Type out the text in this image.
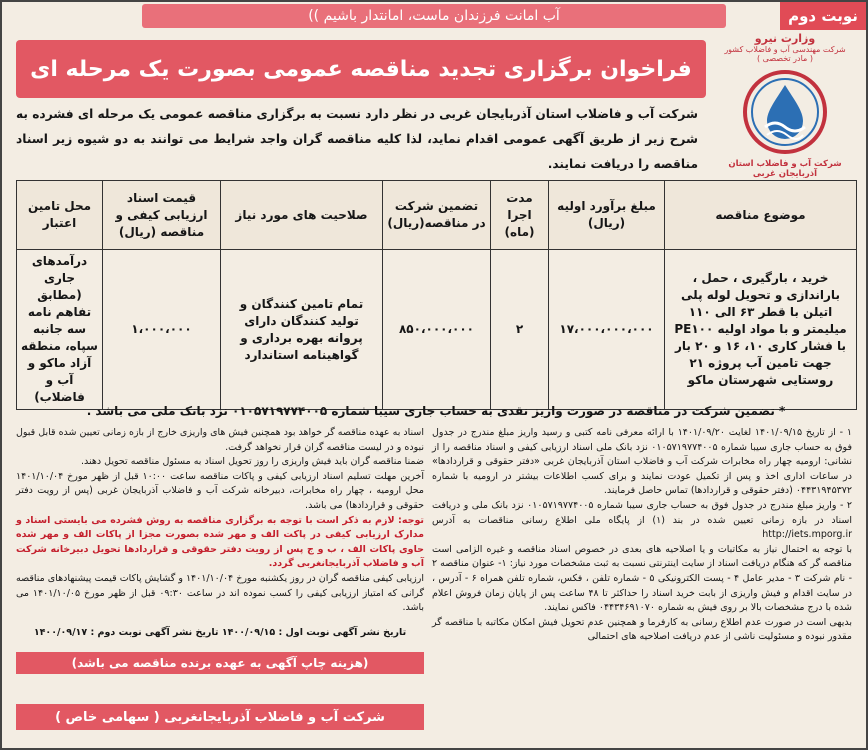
نوبت دوم
آب امانت فرزندان ماست، امانتدار باشیم ))
فراخوان برگزاری تجدید مناقصه عمومی بصورت یک مرحله ای
وزارت نیرو
شرکت مهندسی آب و فاضلاب کشور
( مادر تخصصی )
شرکت آب و فاضلاب استان آذربایجان غربی
شرکت آب و فاضلاب استان آذربایجان غربی در نظر دارد نسبت به برگزاری مناقصه عمومی یک مرحله ای فشرده به شرح زیر از طریق آگهی عمومی اقدام نماید، لذا کلیه مناقصه گران واجد شرایط می توانند به دو شیوه زیر اسناد مناقصه را دریافت نمایند.
موضوع مناقصه	مبلغ برآورد اولیه (ریال)	مدت اجرا (ماه)	تضمین شرکت در مناقصه(ریال)	صلاحیت های مورد نیاز	قیمت اسناد ارزیابی کیفی و مناقصه (ریال)	محل تامین اعتبار
خرید ، بارگیری ، حمل ، باراندازی و تحویل لوله پلی اتیلن با قطر ۶۳ الی ۱۱۰ میلیمتر و با مواد اولیه PE۱۰۰ با فشار کاری ۱۰، ۱۶ و ۲۰ بار جهت تامین آب پروژه ۲۱ روستایی شهرستان ماکو	۱۷،۰۰۰،۰۰۰،۰۰۰	۲	۸۵۰،۰۰۰،۰۰۰	تمام تامین کنندگان و تولید کنندگان دارای پروانه بهره برداری و گواهینامه استاندارد	۱،۰۰۰،۰۰۰	درآمدهای جاری (مطابق تفاهم نامه سه جانبه سپاه، منطقه آزاد ماکو و آب و فاضلاب)
* تضمین شرکت در مناقصه در صورت واریز نقدی به حساب جاری سیبا شماره ۰۱۰۵۷۱۹۷۷۴۰۰۵ نزد بانک ملی می باشد .
۱ - از تاریخ ۱۴۰۱/۰۹/۱۵ لغایت ۱۴۰۱/۰۹/۲۰ با ارائه معرفی نامه کتبی و رسید واریز مبلغ مندرج در جدول فوق به حساب جاری سیبا شماره ۰۱۰۵۷۱۹۷۷۴۰۰۵ نزد بانک ملی اسناد ارزیابی کیفی و اسناد مناقصه را از نشانی: ارومیه چهار راه مخابرات شرکت آب و فاضلاب استان آذربایجان غربی «دفتر حقوقی و قراردادها» در ساعات اداری اخذ و پس از تکمیل عودت نمایند و برای کسب اطلاعات بیشتر در ارومیه با شماره ۰۴۴۳۱۹۴۵۳۷۲ (دفتر حقوقی و قراردادها) تماس حاصل فرمایند.
۲ - واریز مبلغ مندرج در جدول فوق به حساب جاری سیبا شماره ۰۱۰۵۷۱۹۷۷۴۰۰۵ نزد بانک ملی و دریافت اسناد در بازه زمانی تعیین شده در بند (۱) از پایگاه ملی اطلاع رسانی مناقصات به آدرس http://iets.mporg.ir
با توجه به احتمال نیاز به مکاتبات و یا اصلاحیه های بعدی در خصوص اسناد مناقصه و غیره الزامی است مناقصه گر که هنگام دریافت اسناد از سایت اینترنتی نسبت به ثبت مشخصات مورد نیاز: ۱- عنوان مناقصه ۲ - نام شرکت ۳ - مدیر عامل ۴ - پست الکترونیکی ۵ - شماره تلفن ، فکس، شماره تلفن همراه ۶ - آدرس ، در سایت اقدام و فیش واریزی از بابت خرید اسناد را حداکثر تا ۴۸ ساعت پس از پایان زمان فروش اعلام شده با درج مشخصات بالا بر روی فیش به شماره ۰۴۴۳۴۶۹۱۰۷۰ فاکس نمایند.
بدیهی است در صورت عدم اطلاع رسانی به کارفرما و همچنین عدم تحویل فیش امکان مکاتبه با مناقصه گر مقدور نبوده و مسئولیت ناشی از عدم دریافت اصلاحیه های احتمالی
اسناد به عهده مناقصه گر خواهد بود همچنین فیش های واریزی خارج از بازه زمانی تعیین شده قابل قبول نبوده و در لیست مناقصه گران قرار نخواهد گرفت.
ضمنا مناقصه گران باید فیش واریزی را روز تحویل اسناد به مسئول مناقصه تحویل دهند.
آخرین مهلت تسلیم اسناد ارزیابی کیفی و پاکات مناقصه ساعت ۱۰:۰۰ قبل از ظهر مورخ ۱۴۰۱/۱۰/۰۴ محل ارومیه ، چهار راه مخابرات، دبیرخانه شرکت آب و فاضلاب آذربایجان غربی (پس از رویت دفتر حقوقی و قراردادها) می باشد.
توجه: لازم به ذکر است با توجه به برگزاری مناقصه به روش فشرده می بایستی اسناد و مدارک ارزیابی کیفی در پاکت الف و مهر شده بصورت مجزا از پاکات الف و مهر شده حاوی پاکات الف ، ب و ج پس از رویت دفتر حقوقی و قراردادها تحویل دبیرخانه شرکت آب و فاضلاب آذربایجانغربی گردد.
ارزیابی کیفی مناقصه گران در روز یکشنبه مورخ ۱۴۰۱/۱۰/۰۴ و گشایش پاکات قیمت پیشنهادهای مناقصه گرانی که امتیاز ارزیابی کیفی را کسب نموده اند در ساعت ۰۹:۳۰ قبل از ظهر مورخ ۱۴۰۱/۱۰/۰۵ می باشد.
تاریخ نشر آگهی نوبت اول : ۱۴۰۰/۰۹/۱۵ تاریخ نشر آگهی نوبت دوم : ۱۴۰۰/۰۹/۱۷
(هزینه چاپ آگهی به عهده برنده مناقصه می باشد)
شرکت آب و فاضلاب آذربایجانغربی ( سهامی خاص )
